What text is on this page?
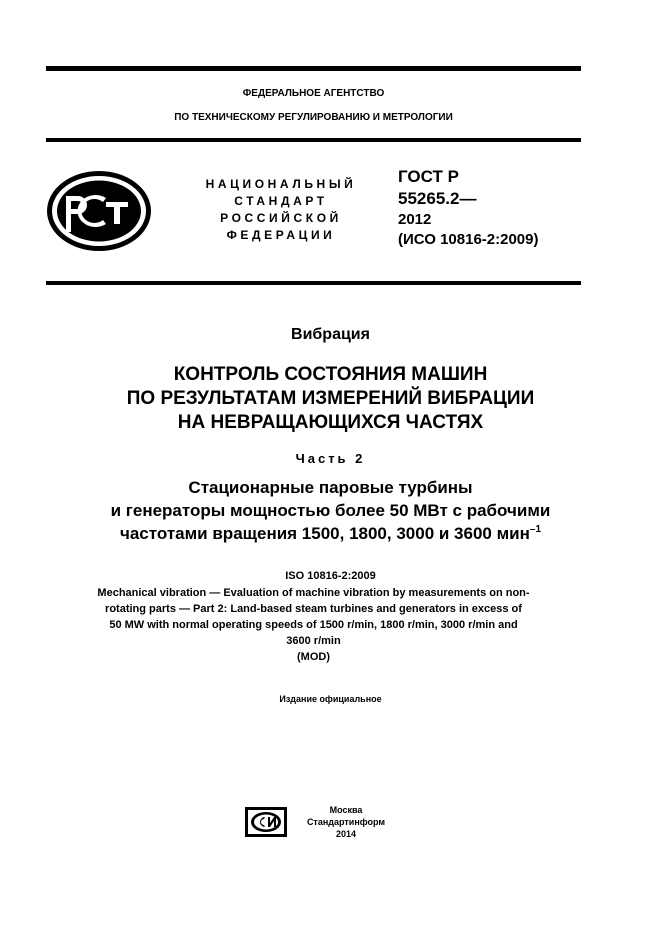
ФЕДЕРАЛЬНОЕ АГЕНТСТВО
ПО ТЕХНИЧЕСКОМУ РЕГУЛИРОВАНИЮ И МЕТРОЛОГИИ
НАЦИОНАЛЬНЫЙ
СТАНДАРТ
РОССИЙСКОЙ
ФЕДЕРАЦИИ
ГОСТ Р
55265.2—
2012
(ИСО 10816-2:2009)
Вибрация
КОНТРОЛЬ СОСТОЯНИЯ МАШИН
ПО РЕЗУЛЬТАТАМ ИЗМЕРЕНИЙ ВИБРАЦИИ
НА НЕВРАЩАЮЩИХСЯ ЧАСТЯХ
Часть 2
Стационарные паровые турбины
и генераторы мощностью более 50 МВт с рабочими
частотами вращения 1500, 1800, 3000 и 3600 мин$^{-1}$
ISO 10816-2:2009
Mechanical vibration — Evaluation of machine vibration by measurements on non-
rotating parts — Part 2: Land-based steam turbines and generators in excess of
50 MW with normal operating speeds of 1500 r/min, 1800 r/min, 3000 r/min and
3600 r/min
(MOD)
Издание официальное
Москва
Стандартинформ
2014
